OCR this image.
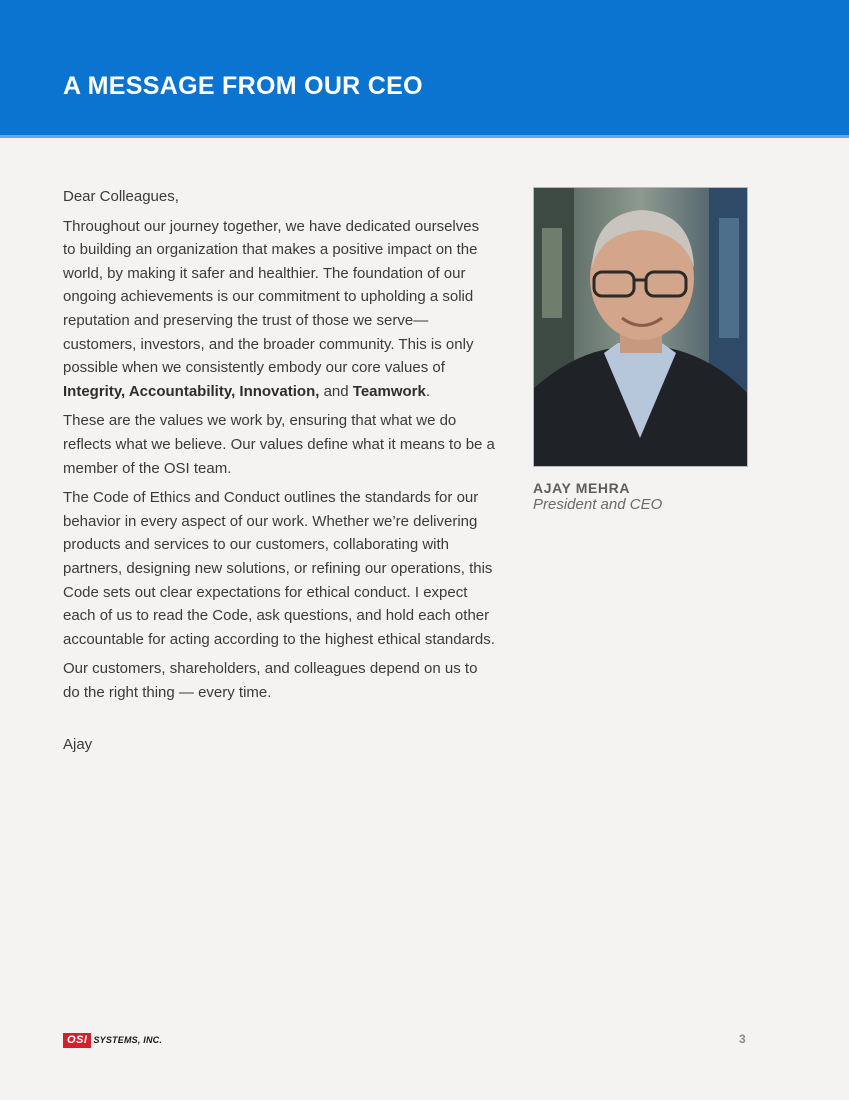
A MESSAGE FROM OUR CEO

Dear Colleagues,

Throughout our journey together, we have dedicated ourselves to building an organization that makes a positive impact on the world, by making it safer and healthier. The foundation of our ongoing achievements is our commitment to upholding a solid reputation and preserving the trust of those we serve—customers, investors, and the broader community. This is only possible when we consistently embody our core values of Integrity, Accountability, Innovation, and Teamwork.

These are the values we work by, ensuring that what we do reflects what we believe. Our values define what it means to be a member of the OSI team.

The Code of Ethics and Conduct outlines the standards for our behavior in every aspect of our work. Whether we’re delivering products and services to our customers, collaborating with partners, designing new solutions, or refining our operations, this Code sets out clear expectations for ethical conduct. I expect each of us to read the Code, ask questions, and hold each other accountable for acting according to the highest ethical standards.

Our customers, shareholders, and colleagues depend on us to do the right thing — every time.

Ajay

AJAY MEHRA
President and CEO
OSI SYSTEMS, INC.	3
